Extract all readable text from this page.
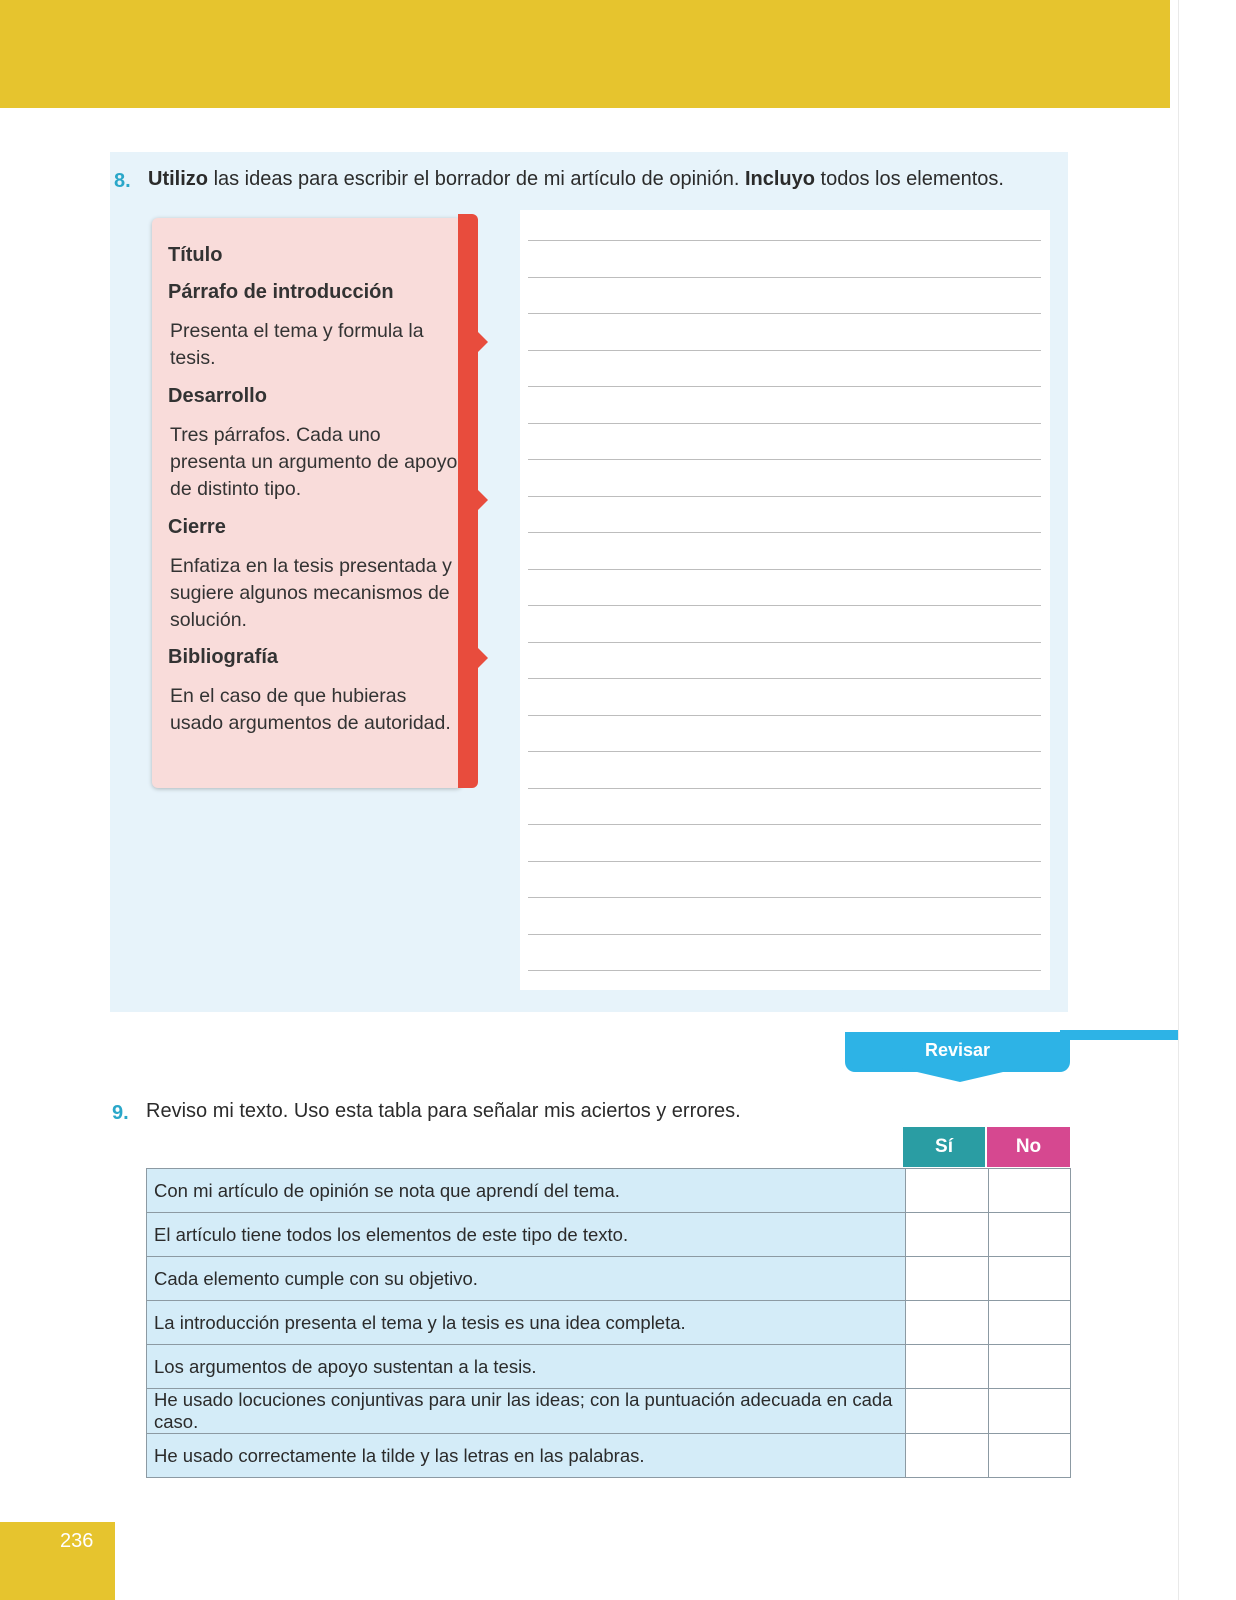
8. Utilizo las ideas para escribir el borrador de mi artículo de opinión. Incluyo todos los elementos.
Título
Párrafo de introducción
Presenta el tema y formula la tesis.
Desarrollo
Tres párrafos. Cada uno presenta un argumento de apoyo de distinto tipo.
Cierre
Enfatiza en la tesis presentada y sugiere algunos mecanismos de solución.
Bibliografía
En el caso de que hubieras usado argumentos de autoridad.
Revisar
9. Reviso mi texto. Uso esta tabla para señalar mis aciertos y errores.
Sí	No
Con mi artículo de opinión se nota que aprendí del tema.		
El artículo tiene todos los elementos de este tipo de texto.		
Cada elemento cumple con su objetivo.		
La introducción presenta el tema y la tesis es una idea completa.		
Los argumentos de apoyo sustentan a la tesis.		
He usado locuciones conjuntivas para unir las ideas; con la puntuación adecuada en cada caso.		
He usado correctamente la tilde y las letras en las palabras.		
236
